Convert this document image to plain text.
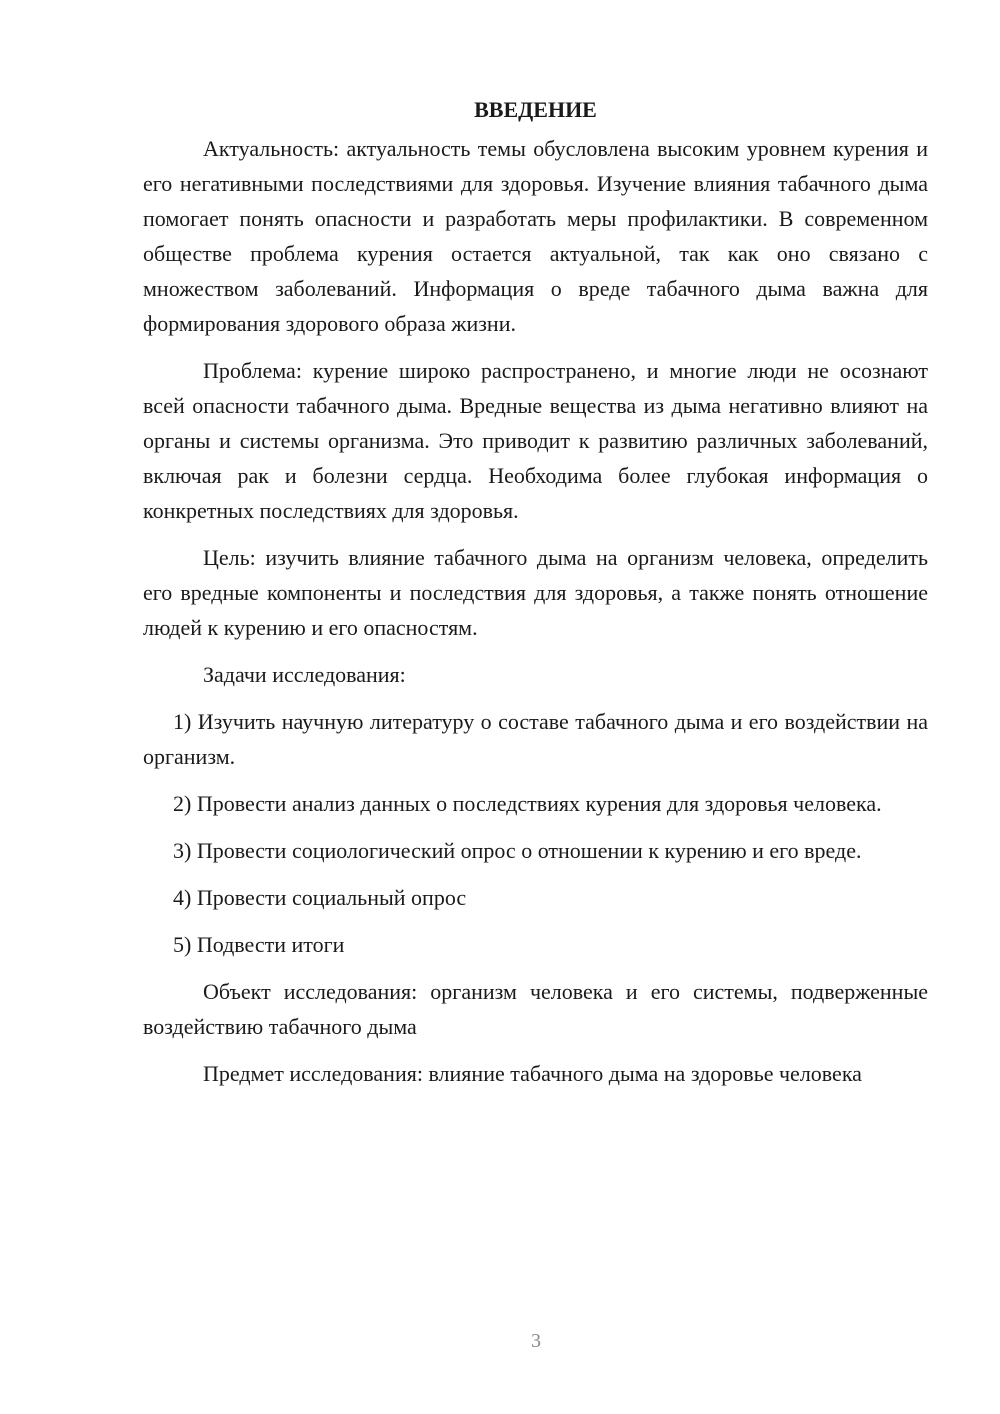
ВВЕДЕНИЕ

Актуальность: актуальность темы обусловлена высоким уровнем курения и его негативными последствиями для здоровья. Изучение влияния табачного дыма помогает понять опасности и разработать меры профилактики. В современном обществе проблема курения остается актуальной, так как оно связано с множеством заболеваний. Информация о вреде табачного дыма важна для формирования здорового образа жизни.

Проблема: курение широко распространено, и многие люди не осознают всей опасности табачного дыма. Вредные вещества из дыма негативно влияют на органы и системы организма. Это приводит к развитию различных заболеваний, включая рак и болезни сердца. Необходима более глубокая информация о конкретных последствиях для здоровья.

Цель: изучить влияние табачного дыма на организм человека, определить его вредные компоненты и последствия для здоровья, а также понять отношение людей к курению и его опасностям.

Задачи исследования:

1) Изучить научную литературу о составе табачного дыма и его воздействии на организм.

2) Провести анализ данных о последствиях курения для здоровья человека.

3) Провести социологический опрос о отношении к курению и его вреде.

4) Провести социальный опрос

5) Подвести итоги

Объект исследования: организм человека и его системы, подверженные воздействию табачного дыма

Предмет исследования: влияние табачного дыма на здоровье человека

3
